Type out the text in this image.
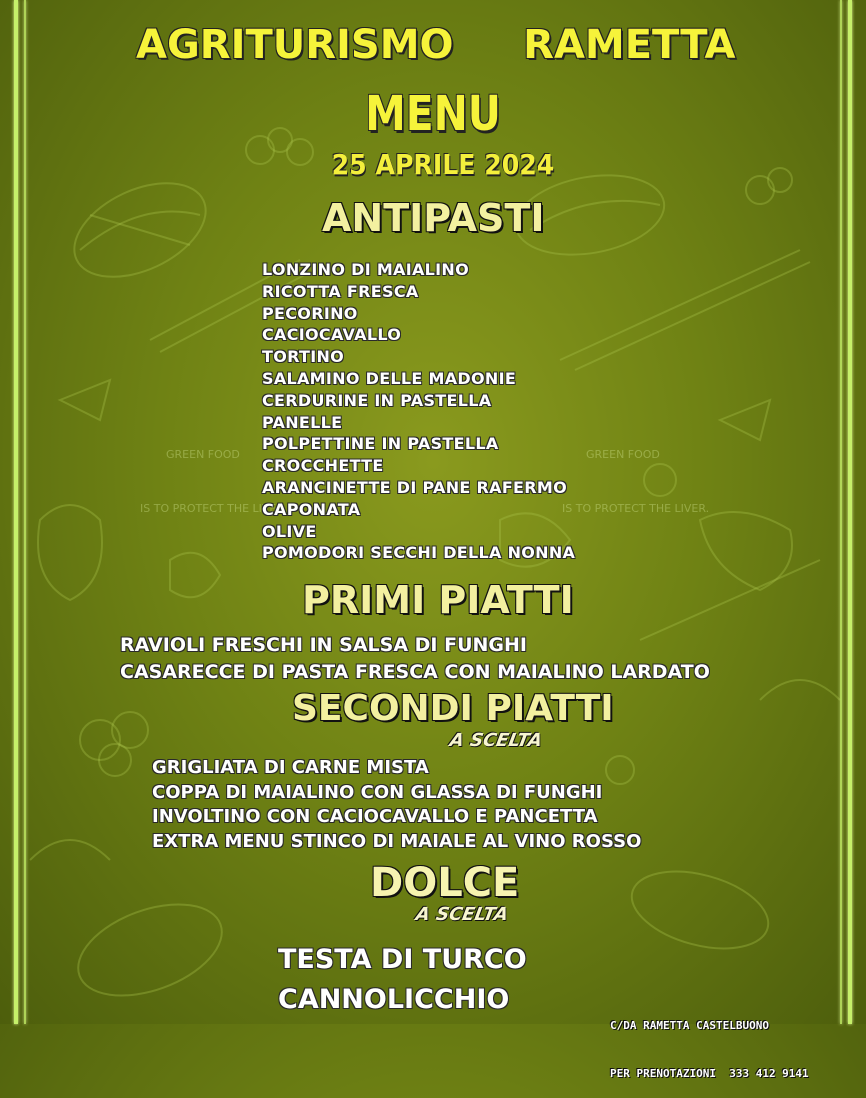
GREEN FOOD

IS TO PROTECT THE LIVER.

GREEN FOOD

IS TO PROTECT THE LIVER.

AGRITURISMO     RAMETTA
MENU
25 APRILE 2024
ANTIPASTI
LONZINO DI MAIALINO
RICOTTA FRESCA
PECORINO
CACIOCAVALLO
TORTINO
SALAMINO DELLE MADONIE
CERDURINE IN PASTELLA
PANELLE
POLPETTINE IN PASTELLA
CROCCHETTE
ARANCINETTE DI PANE RAFERMO
CAPONATA
OLIVE
POMODORI SECCHI DELLA NONNA
PRIMI PIATTI
RAVIOLI FRESCHI IN SALSA DI FUNGHI
CASARECCE DI PASTA FRESCA CON MAIALINO LARDATO
SECONDI PIATTI
A SCELTA
GRIGLIATA DI CARNE MISTA
COPPA DI MAIALINO CON GLASSA DI FUNGHI
INVOLTINO CON CACIOCAVALLO E PANCETTA
EXTRA MENU STINCO DI MAIALE AL VINO ROSSO
DOLCE
A SCELTA
TESTA DI TURCO
CANNOLICCHIO

C/DA RAMETTA CASTELBUONO

PER PRENOTAZIONI  333 412 9141
